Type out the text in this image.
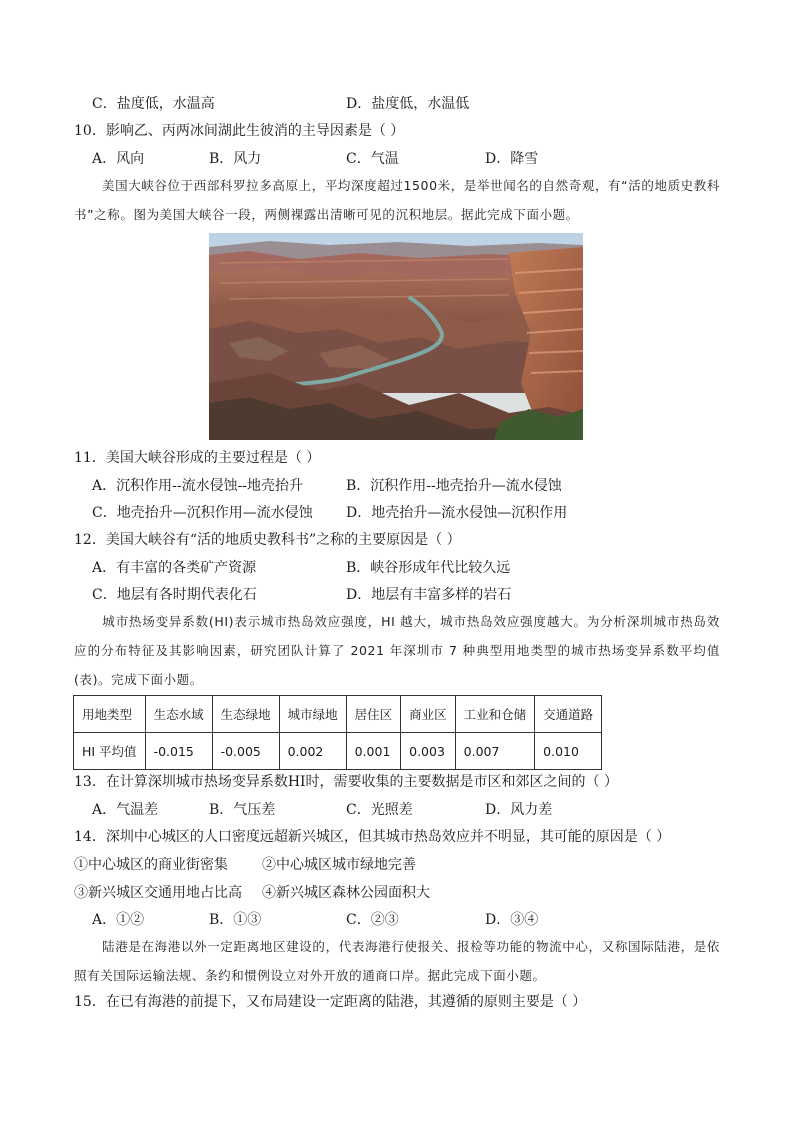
C．盐度低，水温高	D．盐度低，水温低
10．影响乙、丙两冰间湖此生彼消的主导因素是（ ）
A．风向	B．风力	C．气温	D．降雪
美国大峡谷位于西部科罗拉多高原上，平均深度超过1500米，是举世闻名的自然奇观，有“活的地质史教科书”之称。图为美国大峡谷一段，两侧裸露出清晰可见的沉积地层。据此完成下面小题。
11．美国大峡谷形成的主要过程是（ ）
A．沉积作用--流水侵蚀--地壳抬升	B．沉积作用--地壳抬升—流水侵蚀
C．地壳抬升—沉积作用—流水侵蚀 D．地壳抬升—流水侵蚀—沉积作用
12．美国大峡谷有“活的地质史教科书”之称的主要原因是（ ）
A．有丰富的各类矿产资源	B．峡谷形成年代比较久远
C．地层有各时期代表化石	D．地层有丰富多样的岩石
城市热场变异系数(HI)表示城市热岛效应强度，HI 越大，城市热岛效应强度越大。为分析深圳城市热岛效应的分布特征及其影响因素，研究团队计算了 2021 年深圳市 7 种典型用地类型的城市热场变异系数平均值(表)。完成下面小题。
用地类型	生态水域	生态绿地	城市绿地	居住区	商业区	工业和仓储	交通道路
HI 平均值	-0.015	-0.005	0.002	0.001	0.003	0.007	0.010
13．在计算深圳城市热场变异系数HI时，需要收集的主要数据是市区和郊区之间的（ ）
A．气温差	B．气压差	C．光照差	D．风力差
14．深圳中心城区的人口密度远超新兴城区，但其城市热岛效应并不明显，其可能的原因是（ ）
①中心城区的商业街密集 ②中心城区城市绿地完善
③新兴城区交通用地占比高 ④新兴城区森林公园面积大
A．①②	B．①③	C．②③	D．③④
陆港是在海港以外一定距离地区建设的，代表海港行使报关、报检等功能的物流中心，又称国际陆港，是依照有关国际运输法规、条约和惯例设立对外开放的通商口岸。据此完成下面小题。
15．在已有海港的前提下，又布局建设一定距离的陆港，其遵循的原则主要是（ ）
